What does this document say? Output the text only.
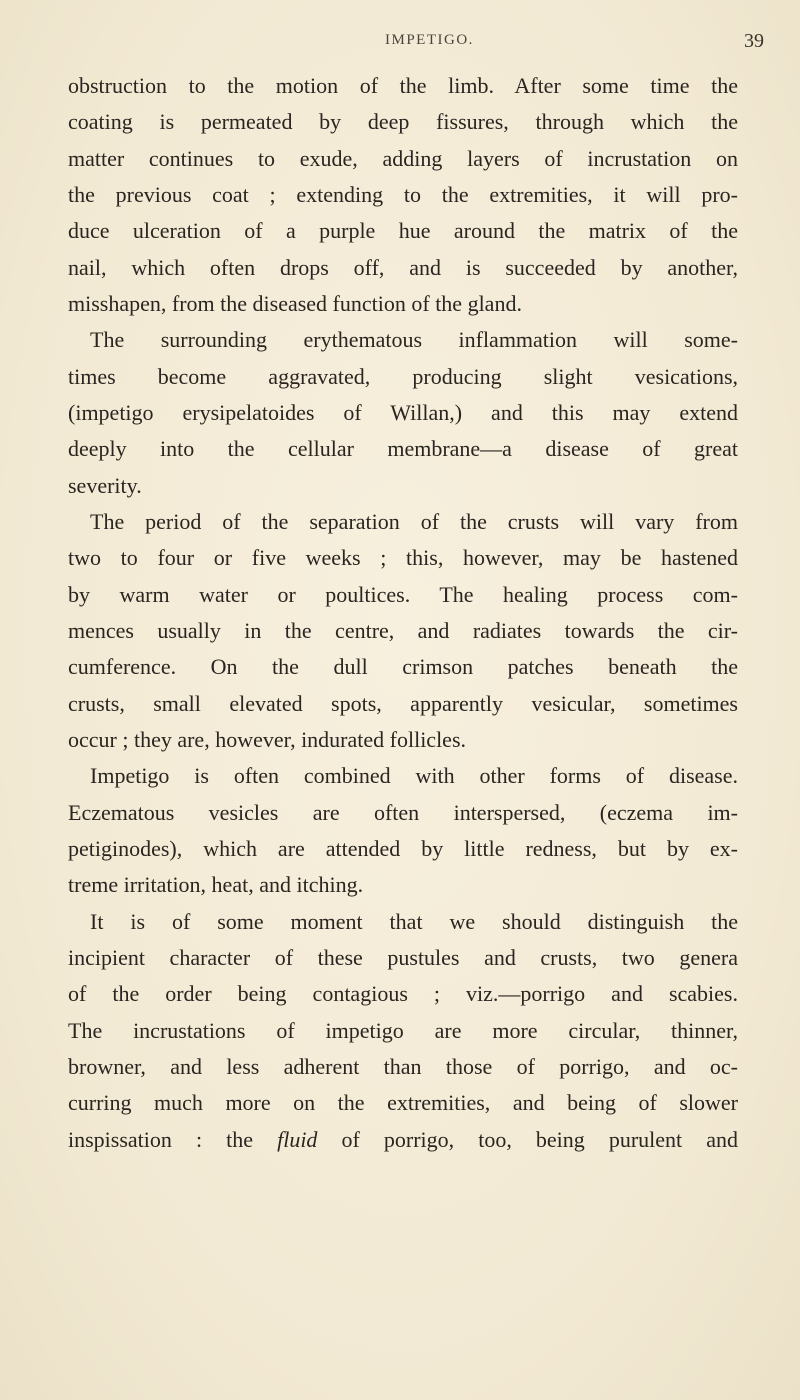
IMPETIGO.	39
obstruction to the motion of the limb. After some time the
coating is permeated by deep fissures, through which the
matter continues to exude, adding layers of incrustation on
the previous coat ; extending to the extremities, it will pro-
duce ulceration of a purple hue around the matrix of the
nail, which often drops off, and is succeeded by another,
misshapen, from the diseased function of the gland.
The surrounding erythematous inflammation will some-
times become aggravated, producing slight vesications,
(impetigo erysipelatoides of Willan,) and this may extend
deeply into the cellular membrane—a disease of great
severity.
The period of the separation of the crusts will vary from
two to four or five weeks ; this, however, may be hastened
by warm water or poultices. The healing process com-
mences usually in the centre, and radiates towards the cir-
cumference. On the dull crimson patches beneath the
crusts, small elevated spots, apparently vesicular, sometimes
occur ; they are, however, indurated follicles.
Impetigo is often combined with other forms of disease.
Eczematous vesicles are often interspersed, (eczema im-
petiginodes), which are attended by little redness, but by ex-
treme irritation, heat, and itching.
It is of some moment that we should distinguish the
incipient character of these pustules and crusts, two genera
of the order being contagious ; viz.—porrigo and scabies.
The incrustations of impetigo are more circular, thinner,
browner, and less adherent than those of porrigo, and oc-
curring much more on the extremities, and being of slower
inspissation : the fluid of porrigo, too, being purulent and
